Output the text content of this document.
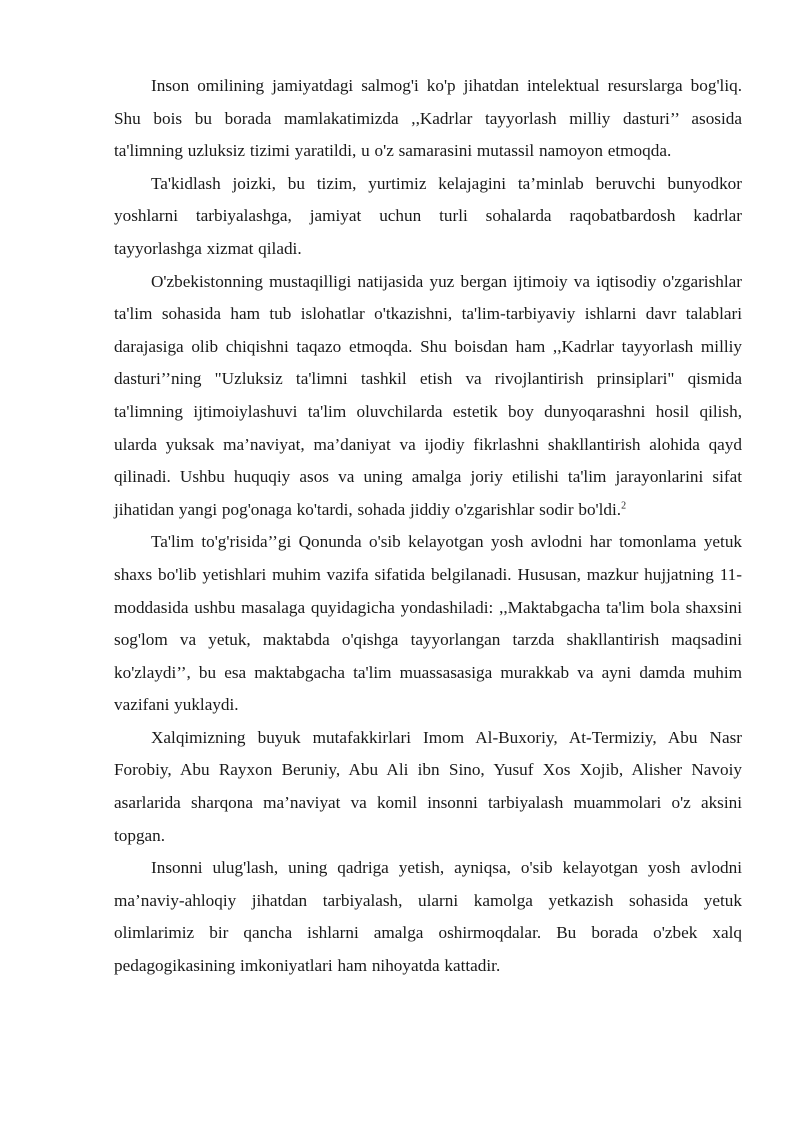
Inson omilining jamiyatdagi salmog'i ko'p jihatdan intelektual resurslarga bog'liq. Shu bois bu borada mamlakatimizda ,,Kadrlar tayyorlash milliy dasturi’’ asosida ta'limning uzluksiz tizimi yaratildi, u o'z samarasini mutassil namoyon etmoqda.

Ta'kidlash joizki, bu tizim, yurtimiz kelajagini ta’minlab beruvchi bunyodkor yoshlarni tarbiyalashga, jamiyat uchun turli sohalarda raqobatbardosh kadrlar tayyorlashga xizmat qiladi.

O'zbekistonning mustaqilligi natijasida yuz bergan ijtimoiy va iqtisodiy o'zgarishlar ta'lim sohasida ham tub islohatlar o'tkazishni, ta'lim-tarbiyaviy ishlarni davr talablari darajasiga olib chiqishni taqazo etmoqda. Shu boisdan ham ,,Kadrlar tayyorlash milliy dasturi’’ning "Uzluksiz ta'limni tashkil etish va rivojlantirish prinsiplari" qismida ta'limning ijtimoiylashuvi ta'lim oluvchilarda estetik boy dunyoqarashni hosil qilish, ularda yuksak ma’naviyat, ma’daniyat va ijodiy fikrlashni shakllantirish alohida qayd qilinadi. Ushbu huquqiy asos va uning amalga joriy etilishi ta'lim jarayonlarini sifat jihatidan yangi pog'onaga ko'tardi, sohada jiddiy o'zgarishlar sodir bo'ldi.$^2$

Ta'lim to'g'risida’’gi Qonunda o'sib kelayotgan yosh avlodni har tomonlama yetuk shaxs bo'lib yetishlari muhim vazifa sifatida belgilanadi. Hususan, mazkur hujjatning 11-moddasida ushbu masalaga quyidagicha yondashiladi: ,,Maktabgacha ta'lim bola shaxsini sog'lom va yetuk, maktabda o'qishga tayyorlangan tarzda shakllantirish maqsadini ko'zlaydi’’, bu esa maktabgacha ta'lim muassasasiga murakkab va ayni damda muhim vazifani yuklaydi.

Xalqimizning buyuk mutafakkirlari Imom Al-Buxoriy, At-Termiziy, Abu Nasr Forobiy, Abu Rayxon Beruniy, Abu Ali ibn Sino, Yusuf Xos Xojib, Alisher Navoiy asarlarida sharqona ma’naviyat va komil insonni tarbiyalash muammolari o'z aksini topgan.

Insonni ulug'lash, uning qadriga yetish, ayniqsa, o'sib kelayotgan yosh avlodni ma’naviy-ahloqiy jihatdan tarbiyalash, ularni kamolga yetkazish sohasida yetuk olimlarimiz bir qancha ishlarni amalga oshirmoqdalar. Bu borada o'zbek xalq pedagogikasining imkoniyatlari ham nihoyatda kattadir.
